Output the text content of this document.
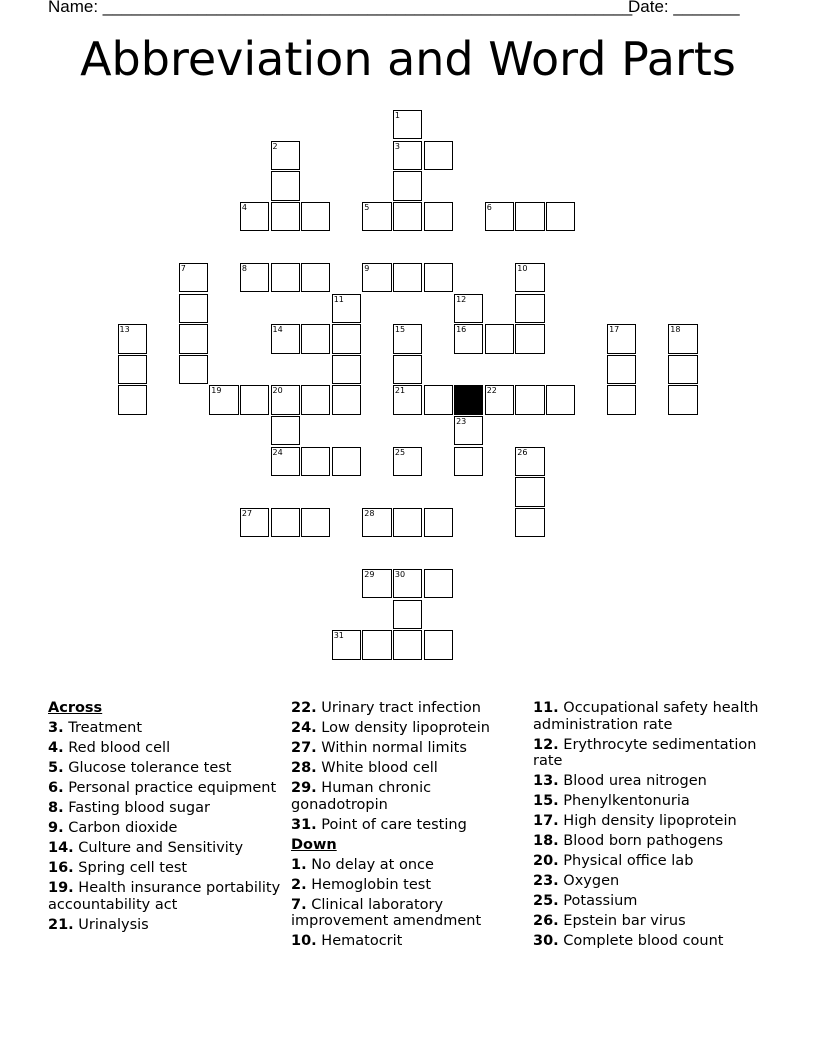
Name: ________________________________________________________
Date: _______
Abbreviation and Word Parts
1
2	3
4	5	6
7	8	9	10
11	12
13	14	15	16	17	18
19	20	21	22
23
24	25	26
27	28
29	30
31
Across
3. Treatment
4. Red blood cell
5. Glucose tolerance test
6. Personal practice equipment
8. Fasting blood sugar
9. Carbon dioxide
14. Culture and Sensitivity
16. Spring cell test
19. Health insurance portability accountability act
21. Urinalysis
22. Urinary tract infection
24. Low density lipoprotein
27. Within normal limits
28. White blood cell
29. Human chronic gonadotropin
31. Point of care testing
Down
1. No delay at once
2. Hemoglobin test
7. Clinical laboratory improvement amendment
10. Hematocrit
11. Occupational safety health administration rate
12. Erythrocyte sedimentation rate
13. Blood urea nitrogen
15. Phenylkentonuria
17. High density lipoprotein
18. Blood born pathogens
20. Physical office lab
23. Oxygen
25. Potassium
26. Epstein bar virus
30. Complete blood count
